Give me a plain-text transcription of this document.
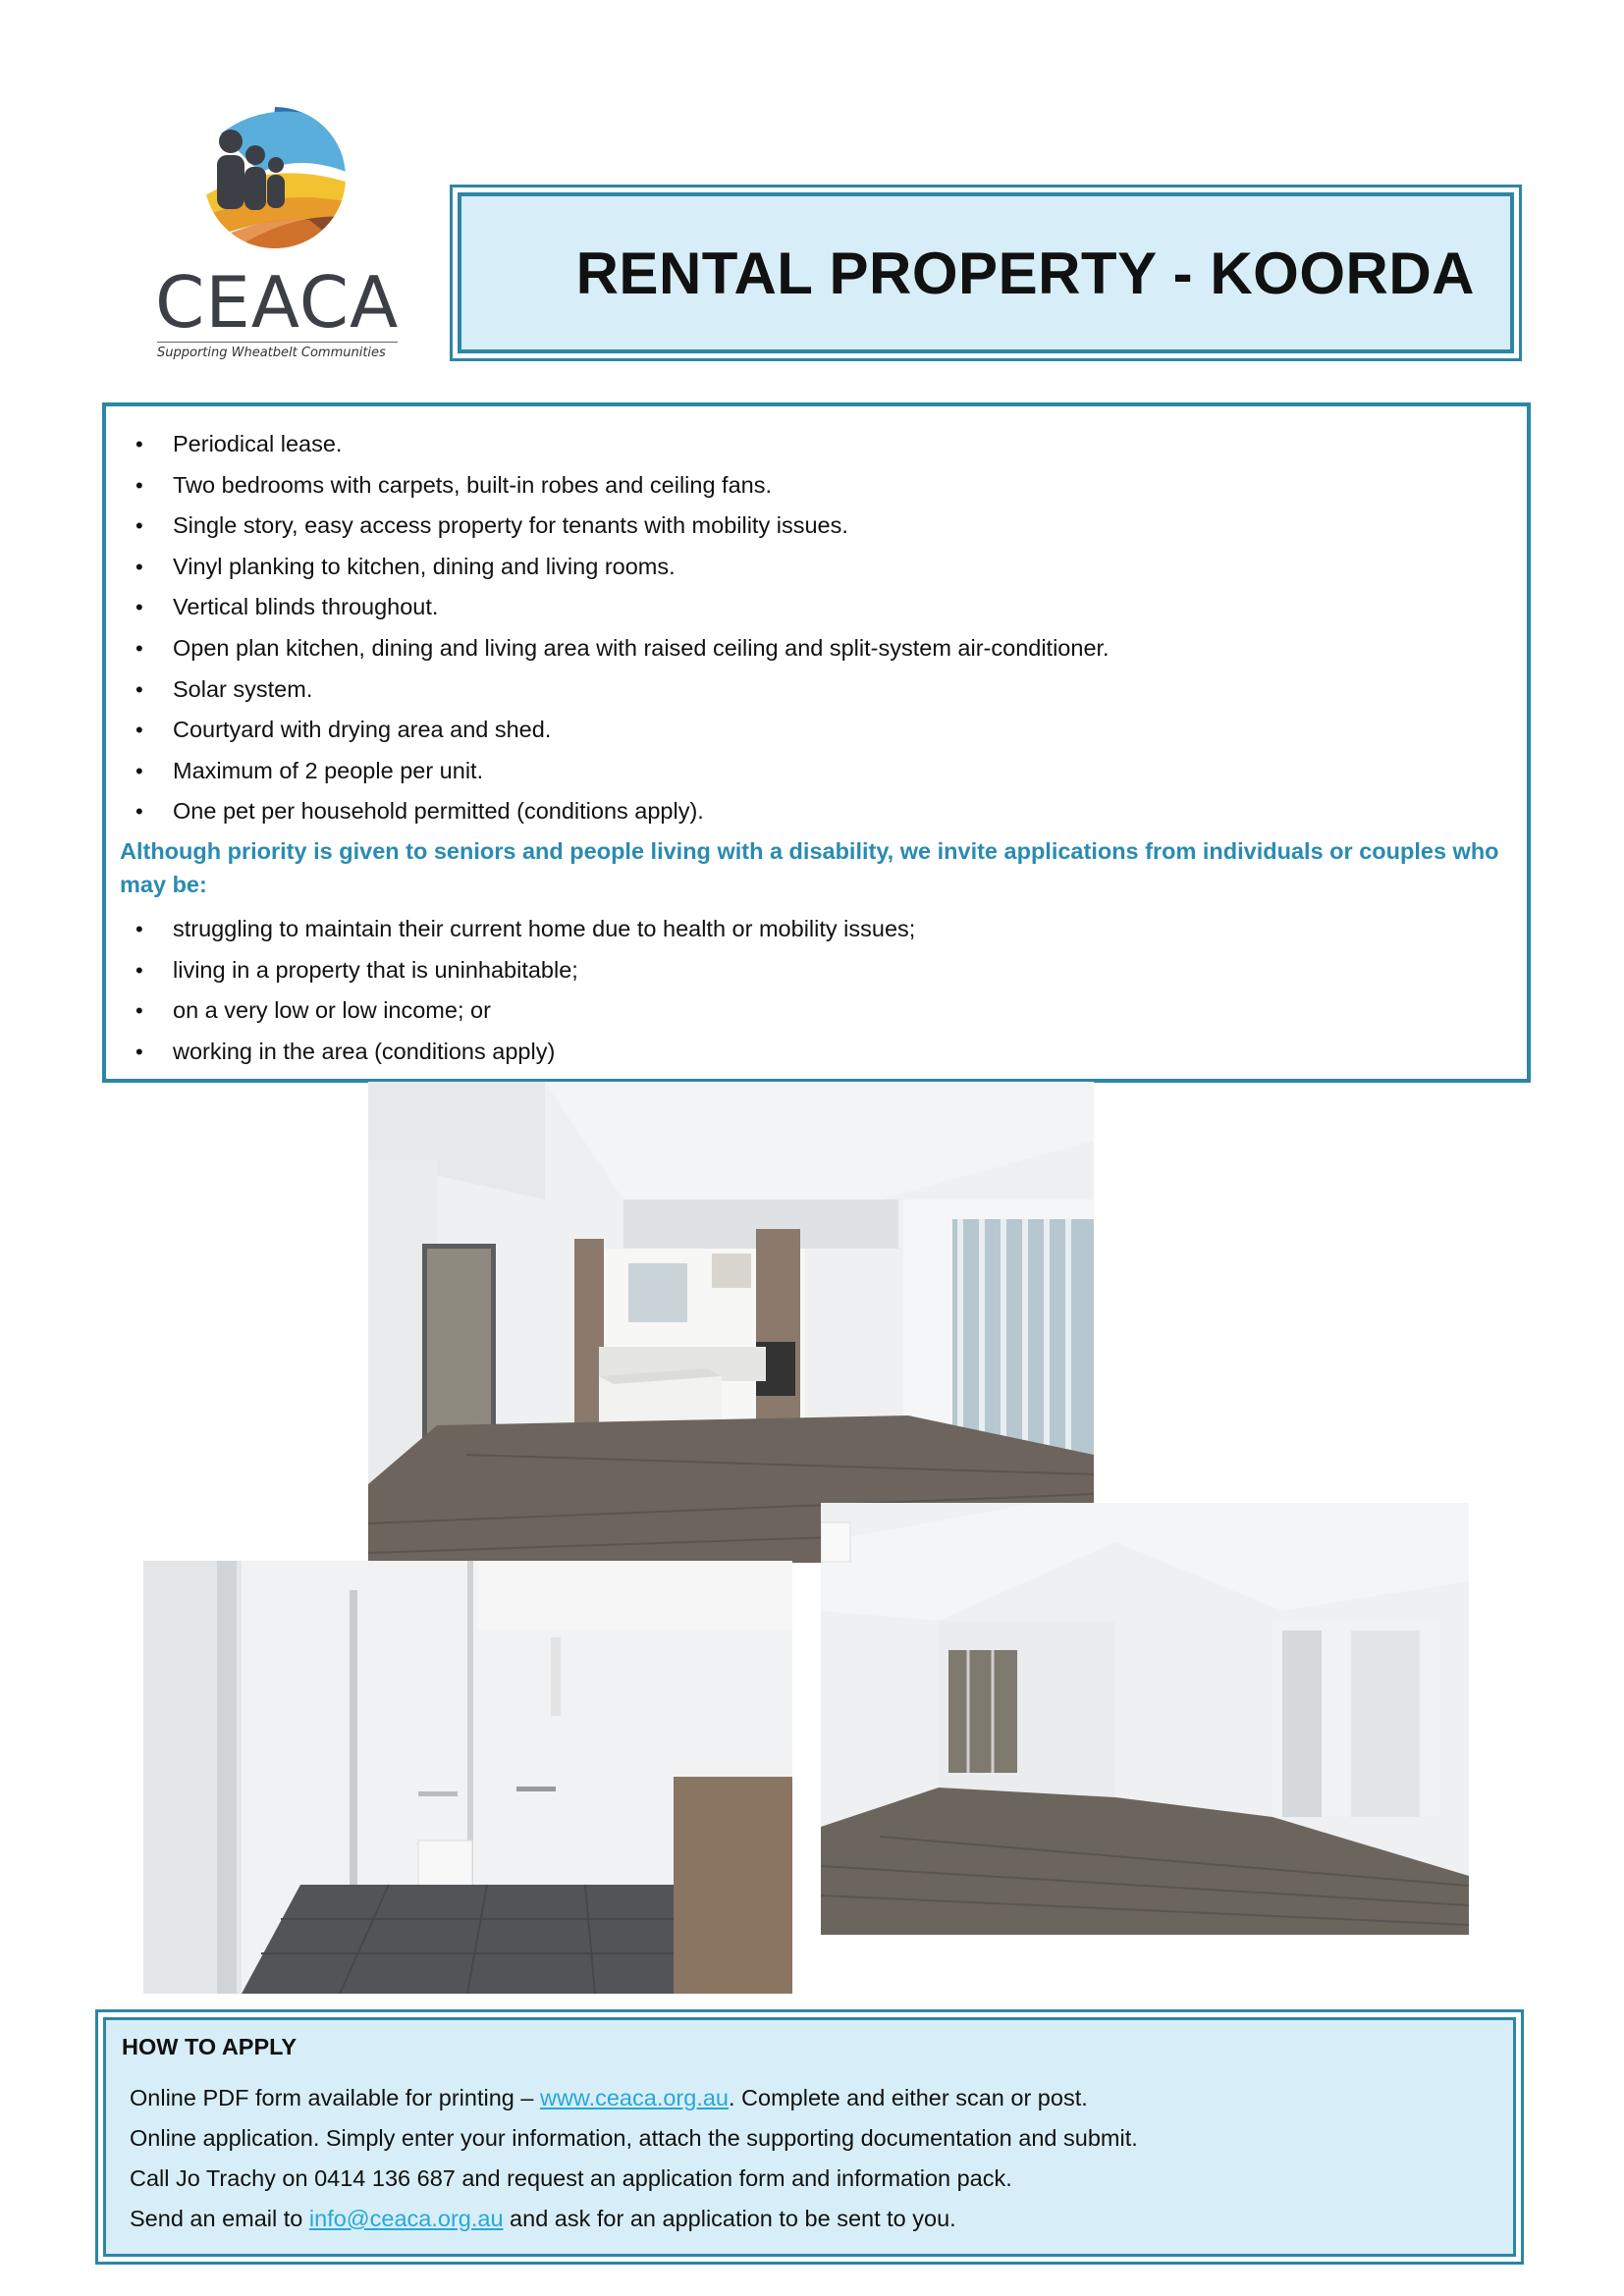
CEACA
Supporting Wheatbelt Communities
RENTAL PROPERTY - KOORDA
• Periodical lease.
• Two bedrooms with carpets, built-in robes and ceiling fans.
• Single story, easy access property for tenants with mobility issues.
• Vinyl planking to kitchen, dining and living rooms.
• Vertical blinds throughout.
• Open plan kitchen, dining and living area with raised ceiling and split-system air-conditioner.
• Solar system.
• Courtyard with drying area and shed.
• Maximum of 2 people per unit.
• One pet per household permitted (conditions apply).
Although priority is given to seniors and people living with a disability, we invite applications from individuals or couples who may be:
• struggling to maintain their current home due to health or mobility issues;
• living in a property that is uninhabitable;
• on a very low or low income; or
• working in the area (conditions apply)
HOW TO APPLY
Online PDF form available for printing – www.ceaca.org.au. Complete and either scan or post.
Online application. Simply enter your information, attach the supporting documentation and submit.
Call Jo Trachy on 0414 136 687 and request an application form and information pack.
Send an email to info@ceaca.org.au and ask for an application to be sent to you.
